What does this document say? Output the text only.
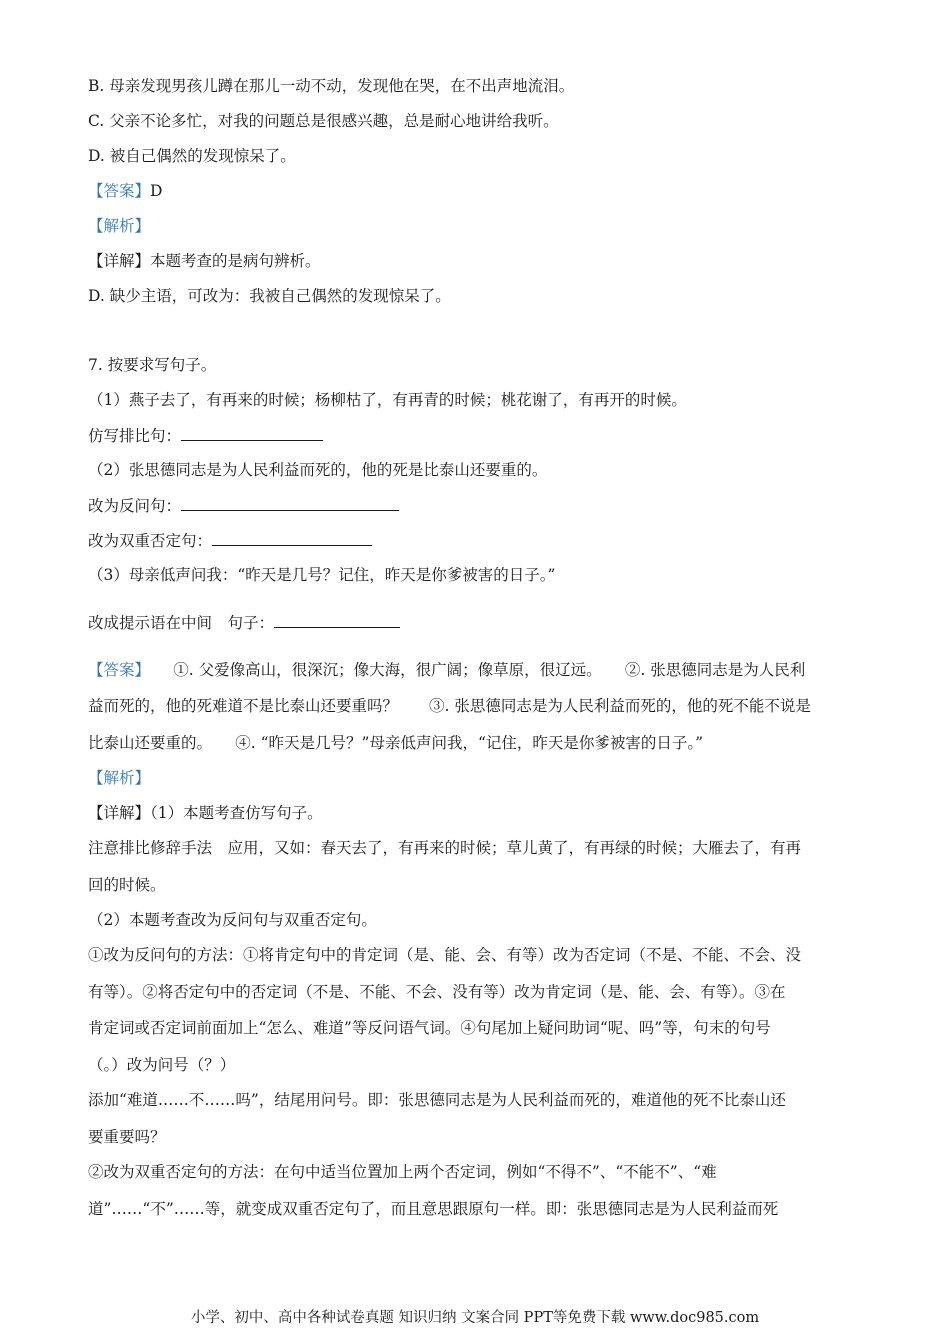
B. 母亲发现男孩儿蹲在那儿一动不动，发现他在哭，在不出声地流泪。
C. 父亲不论多忙，对我的问题总是很感兴趣，总是耐心地讲给我听。
D. 被自己偶然的发现惊呆了。
【答案】D
【解析】
【详解】本题考查的是病句辨析。
D. 缺少主语，可改为：我被自己偶然的发现惊呆了。
7. 按要求写句子。
（1）燕子去了，有再来的时候；杨柳枯了，有再青的时候；桃花谢了，有再开的时候。
仿写排比句：
（2）张思德同志是为人民利益而死的，他的死是比泰山还要重的。
改为反问句：
改为双重否定句：
（3）母亲低声问我：“昨天是几号？记住，昨天是你爹被害的日子。”
改成提示语在中间　句子：
【答案】　　①. 父爱像高山，很深沉；像大海，很广阔；像草原，很辽远。　　②. 张思德同志是为人民利
益而死的，他的死难道不是比泰山还要重吗？　　③. 张思德同志是为人民利益而死的，他的死不能不说是
比泰山还要重的。　　④. “昨天是几号？”母亲低声问我，“记住，昨天是你爹被害的日子。”
【解析】
【详解】（1）本题考查仿写句子。
注意排比修辞手法　应用，又如：春天去了，有再来的时候；草儿黄了，有再绿的时候；大雁去了，有再
回的时候。
（2）本题考查改为反问句与双重否定句。
①改为反问句的方法：①将肯定句中的肯定词（是、能、会、有等）改为否定词（不是、不能、不会、没
有等）。②将否定句中的否定词（不是、不能、不会、没有等）改为肯定词（是、能、会、有等）。③在
肯定词或否定词前面加上“怎么、难道”等反问语气词。④句尾加上疑问助词“呢、吗”等，句末的句号
（。）改为问号（？）
添加“难道……不……吗”，结尾用问号。即：张思德同志是为人民利益而死的，难道他的死不比泰山还
要重要吗？
②改为双重否定句的方法：在句中适当位置加上两个否定词，例如“不得不”、“不能不”、“难
道”……“不”……等，就变成双重否定句了，而且意思跟原句一样。即：张思德同志是为人民利益而死
小学、初中、高中各种试卷真题 知识归纳 文案合同 PPT等免费下载 www.doc985.com
